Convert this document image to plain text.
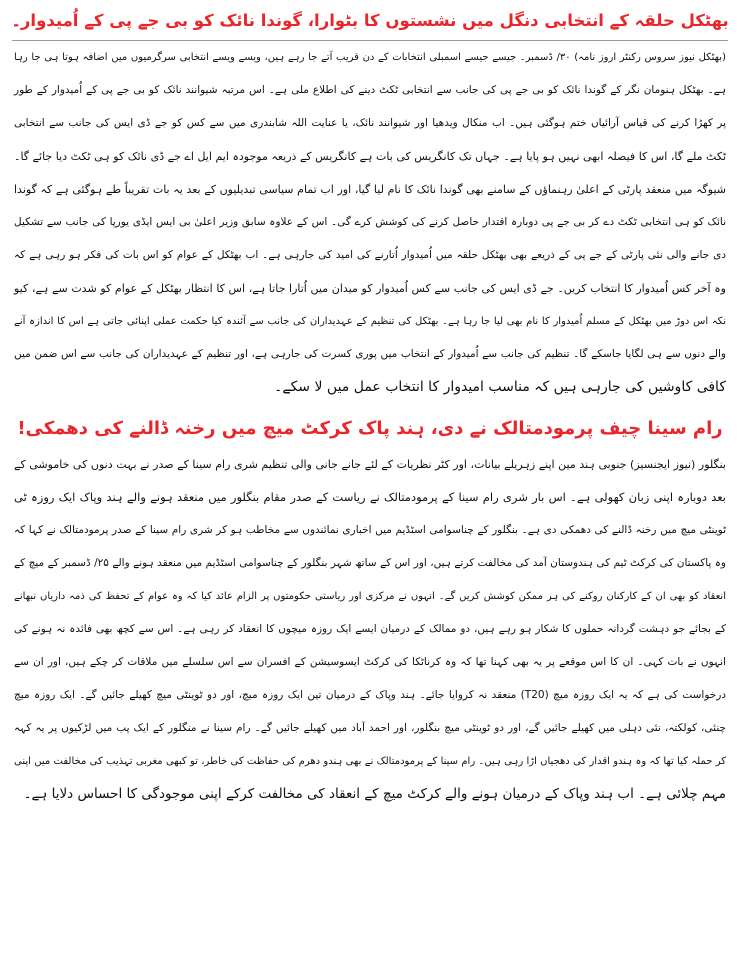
بھٹکل حلقہ کے انتخابی دنگل میں نشستوں کا بٹوارا، گوندا نائک کو بی جے پی کے اُمیدوار۔
(بھٹکل نیوز سروس رکنٹر اروز نامہ) ۳۰/ ڈسمبر۔ جیسے جیسے اسمبلی انتخابات کے دن قریب آتے جا رہے ہیں، ویسے ویسے انتخابی سرگرمیوں میں اضافہ ہوتا ہی جا رہا
ہے۔ بھٹکل ہنومان نگر کے گوندا نائک کو بی جے پی کی جانب سے انتخابی ٹکٹ دینے کی اطلاع ملی ہے۔ اس مرتبہ شیوانند نائک کو بی جے پی کے اُمیدوار کے طور
پر کھڑا کرنے کی قیاس آرائیاں ختم ہوگئی ہیں۔ اب منکال ویدھیا اور شیوانند نائک، یا عنایت اللہ شابندری میں سے کس کو جے ڈی ایس کی جانب سے انتخابی
ٹکٹ ملے گا، اس کا فیصلہ ابھی نہیں ہو پایا ہے۔ جہاں تک کانگریس کی بات ہے کانگریس کے ذریعہ موجودہ ایم ایل اے جے ڈی نائک کو ہی ٹکٹ دیا جائے گا۔
شیوگہ میں منعقد پارٹی کے اعلیٰ رہنماؤں کے سامنے بھی گوندا نائک کا نام لیا گیا، اور اب تمام سیاسی تبدیلیوں کے بعد یہ بات تقریباً طے ہوگئی ہے کہ گوندا
نائک کو ہی انتخابی ٹکٹ دے کر بی جے پی دوبارہ اقتدار حاصل کرنے کی کوشش کرے گی۔ اس کے علاوہ سابق وزیر اعلیٰ بی ایس ایڈی یورپا کی جانب سے تشکیل
دی جانے والی نئی پارٹی کے جے پی کے ذریعے بھی بھٹکل حلقہ میں اُمیدوار اُتارنے کی امید کی جارہی ہے۔ اب بھٹکل کے عوام کو اس بات کی فکر ہو رہی ہے کہ
وہ آخر کس اُمیدوار کا انتخاب کریں۔ جے ڈی ایس کی جانب سے کس اُمیدوار کو میدان میں اُتارا جاتا ہے، اس کا انتظار بھٹکل کے عوام کو شدت سے ہے، کیو
نکہ اس دوڑ میں بھٹکل کے مسلم اُمیدوار کا نام بھی لیا جا رہا ہے۔ بھٹکل کی تنظیم کے عہدیداران کی جانب سے آئندہ کیا حکمت عملی اپنائی جاتی ہے اس کا اندازہ آنے
والے دنوں سے ہی لگایا جاسکے گا۔ تنظیم کی جانب سے اُمیدوار کے انتخاب میں پوری کسرت کی جارہی ہے، اور تنظیم کے عہدیداران کی جانب سے اس ضمن میں
کافی کاوشیں کی جارہی ہیں کہ مناسب امیدوار کا انتخاب عمل میں لا سکے۔
رام سینا چیف پرمودمتالک نے دی، ہند پاک کرکٹ میچ میں رخنہ ڈالنے کی دھمکی!
بنگلور (نیوز ایجنسیز) جنوبی ہند مین اپنے زہریلے بیانات، اور کٹر نظریات کے لئے جانے جانی والی تنظیم شری رام سینا کے صدر نے بہت دنوں کی خاموشی کے
بعد دوبارہ اپنی زبان کھولی ہے۔ اس بار شری رام سینا کے پرمودمتالک نے ریاست کے صدر مقام بنگلور میں منعقد ہونے والے ہند وپاک ایک روزہ ٹی
ٹوینٹی میچ میں رخنہ ڈالنے کی دھمکی دی ہے۔ بنگلور کے چناسوامی اسٹڈیم میں اخباری نمائندوں سے مخاطب ہو کر شری رام سینا کے صدر پرمودمتالک نے کہا کہ
وہ پاکستان کی کرکٹ ٹیم کی ہندوستان آمد کی مخالفت کرتے ہیں، اور اس کے ساتھ شہر بنگلور کے چناسوامی اسٹڈیم میں منعقد ہونے والے ۲۵/ ڈسمبر کے میچ کے
انعقاد کو بھی ان کے کارکنان روکنے کی ہر ممکن کوشش کریں گے۔ انہوں نے مرکزی اور ریاستی حکومتوں پر الزام عائد کیا کہ وہ عوام کے تحفظ کی ذمہ داریاں نبھانے
کے بجائے جو دہشت گردانہ حملوں کا شکار ہو رہے ہیں، دو ممالک کے درمیان ایسے ایک روزہ میچوں کا انعقاد کر رہی ہے۔ اس سے کچھ بھی فائدہ نہ ہونے کی
انہوں نے بات کہی۔ ان کا اس موقعے پر یہ بھی کہنا تھا کہ وہ کرناٹکا کی کرکٹ ایسوسیشن کے افسران سے اس سلسلے میں ملاقات کر چکے ہیں، اور ان سے
درخواست کی ہے کہ یہ ایک روزہ میچ (T20) منعقد نہ کروایا جائے۔ ہند وپاک کے درمیان تین ایک روزہ میچ، اور دو ٹوینٹی میچ کھیلے جائیں گے۔ ایک روزہ میچ
چنئی، کولکتہ، نئی دہلی میں کھیلے جائیں گے، اور دو ٹوینٹی میچ بنگلور، اور احمد آباد میں کھیلے جائیں گے۔ رام سینا نے منگلور کے ایک پب میں لڑکیوں پر یہ کہہ
کر حملہ کیا تھا کہ وہ ہندو اقدار کی دھجیاں اڑا رہی ہیں۔ رام سینا کے پرمودمتالک نے بھی ہندو دھرم کی حفاظت کی خاطر، تو کبھی مغربی تہذیب کی مخالفت میں اپنی
مہم چلائی ہے۔ اب ہند وپاک کے درمیان ہونے والے کرکٹ میچ کے انعقاد کی مخالفت کرکے اپنی موجودگی کا احساس دلایا ہے۔
